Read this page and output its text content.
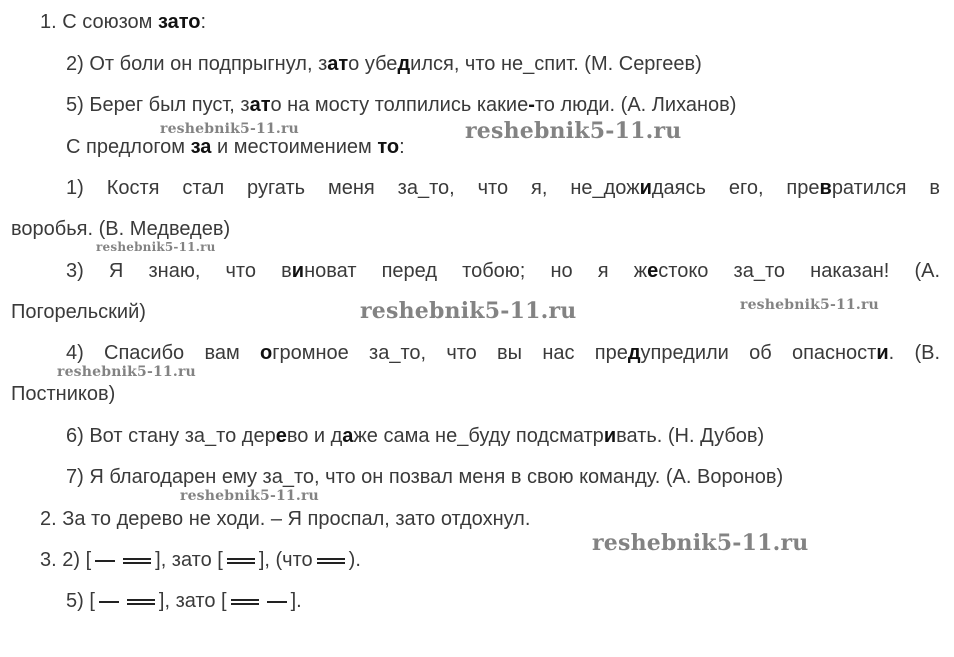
1. С союзом зато:
2) От боли он подпрыгнул, зато убедился, что не_спит. (М. Сергеев)
5) Берег был пуст, зато на мосту толпились какие-то люди. (А. Лиханов)
С предлогом за и местоимением то:
1) Костя стал ругать меня за_то, что я, не_дожидаясь его, превратился в
воробья. (В. Медведев)
3) Я знаю, что виноват перед тобою; но я жестоко за_то наказан! (А.
Погорельский)
4) Спасибо вам огромное за_то, что вы нас предупредили об опасности. (В.
Постников)
6) Вот стану за_то дерево и даже сама не_буду подсматривать. (Н. Дубов)
7) Я благодарен ему за_то, что он позвал меня в свою команду. (А. Воронов)
2. За то дерево не ходи. – Я проспал, зато отдохнул.
3. 2) [	], зато [ ], (что ).
5) [	], зато [	].
reshebnik5-11.ru	reshebnik5-11.ru
reshebnik5-11.ru
reshebnik5-11.ru	reshebnik5-11.ru
reshebnik5-11.ru
reshebnik5-11.ru
reshebnik5-11.ru
